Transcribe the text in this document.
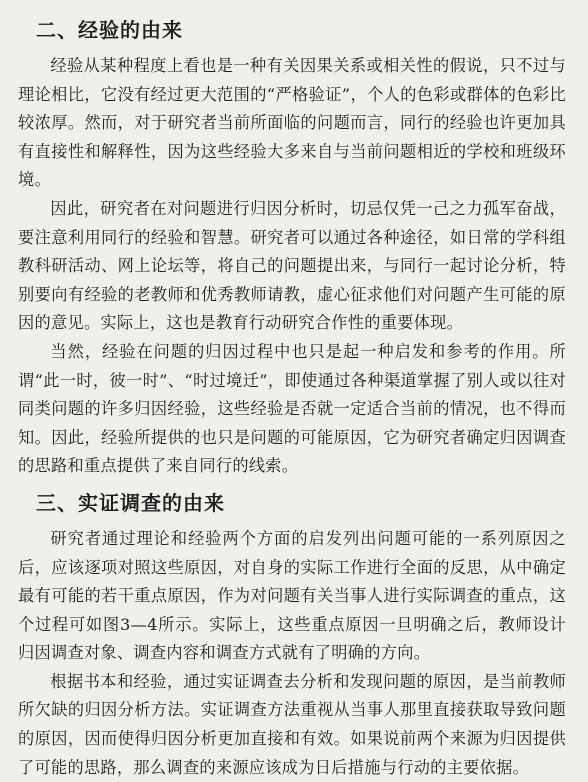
二、经验的由来

经验从某种程度上看也是一种有关因果关系或相关性的假说，只不过与理论相比，它没有经过更大范围的“严格验证”，个人的色彩或群体的色彩比较浓厚。然而，对于研究者当前所面临的问题而言，同行的经验也许更加具有直接性和解释性，因为这些经验大多来自与当前问题相近的学校和班级环境。

因此，研究者在对问题进行归因分析时，切忌仅凭一己之力孤军奋战，要注意利用同行的经验和智慧。研究者可以通过各种途径，如日常的学科组教科研活动、网上论坛等，将自己的问题提出来，与同行一起讨论分析，特别要向有经验的老教师和优秀教师请教，虚心征求他们对问题产生可能的原因的意见。实际上，这也是教育行动研究合作性的重要体现。

当然，经验在问题的归因过程中也只是起一种启发和参考的作用。所谓“此一时，彼一时”、“时过境迁”，即使通过各种渠道掌握了别人或以往对同类问题的许多归因经验，这些经验是否就一定适合当前的情况，也不得而知。因此，经验所提供的也只是问题的可能原因，它为研究者确定归因调查的思路和重点提供了来自同行的线索。

三、实证调查的由来

研究者通过理论和经验两个方面的启发列出问题可能的一系列原因之后，应该逐项对照这些原因，对自身的实际工作进行全面的反思，从中确定最有可能的若干重点原因，作为对问题有关当事人进行实际调查的重点，这个过程可如图3—4所示。实际上，这些重点原因一旦明确之后，教师设计归因调查对象、调查内容和调查方式就有了明确的方向。

根据书本和经验，通过实证调查去分析和发现问题的原因，是当前教师所欠缺的归因分析方法。实证调查方法重视从当事人那里直接获取导致问题的原因，因而使得归因分析更加直接和有效。如果说前两个来源为归因提供了可能的思路，那么调查的来源应该成为日后措施与行动的主要依据。
